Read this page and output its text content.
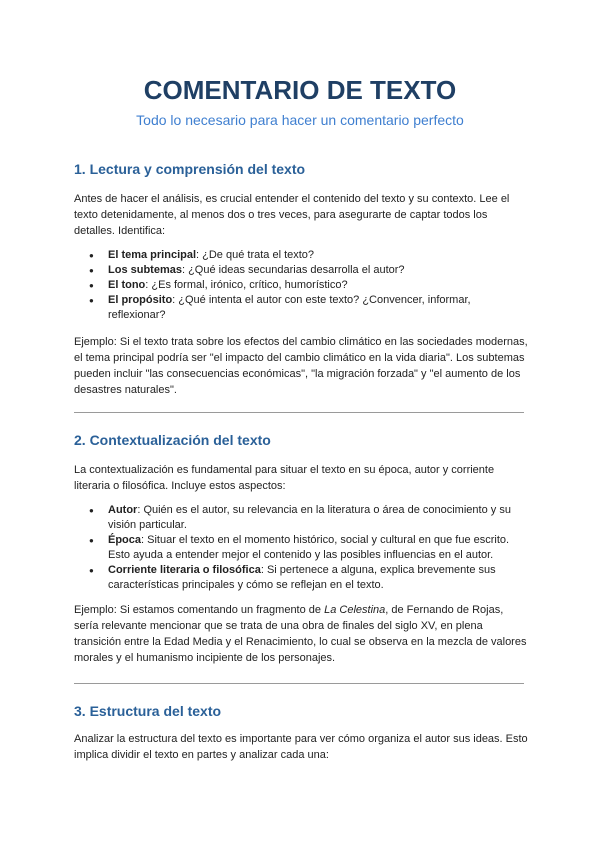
COMENTARIO DE TEXTO
Todo lo necesario para hacer un comentario perfecto
1. Lectura y comprensión del texto

Antes de hacer el análisis, es crucial entender el contenido del texto y su contexto. Lee el texto detenidamente, al menos dos o tres veces, para asegurarte de captar todos los detalles. Identifica:

● El tema principal: ¿De qué trata el texto?
● Los subtemas: ¿Qué ideas secundarias desarrolla el autor?
● El tono: ¿Es formal, irónico, crítico, humorístico?
● El propósito: ¿Qué intenta el autor con este texto? ¿Convencer, informar, reflexionar?

Ejemplo: Si el texto trata sobre los efectos del cambio climático en las sociedades modernas, el tema principal podría ser "el impacto del cambio climático en la vida diaria". Los subtemas pueden incluir "las consecuencias económicas", "la migración forzada" y "el aumento de los desastres naturales".

2. Contextualización del texto

La contextualización es fundamental para situar el texto en su época, autor y corriente literaria o filosófica. Incluye estos aspectos:

● Autor: Quién es el autor, su relevancia en la literatura o área de conocimiento y su visión particular.
● Época: Situar el texto en el momento histórico, social y cultural en que fue escrito. Esto ayuda a entender mejor el contenido y las posibles influencias en el autor.
● Corriente literaria o filosófica: Si pertenece a alguna, explica brevemente sus características principales y cómo se reflejan en el texto.

Ejemplo: Si estamos comentando un fragmento de La Celestina, de Fernando de Rojas, sería relevante mencionar que se trata de una obra de finales del siglo XV, en plena transición entre la Edad Media y el Renacimiento, lo cual se observa en la mezcla de valores morales y el humanismo incipiente de los personajes.

3. Estructura del texto

Analizar la estructura del texto es importante para ver cómo organiza el autor sus ideas. Esto implica dividir el texto en partes y analizar cada una:
